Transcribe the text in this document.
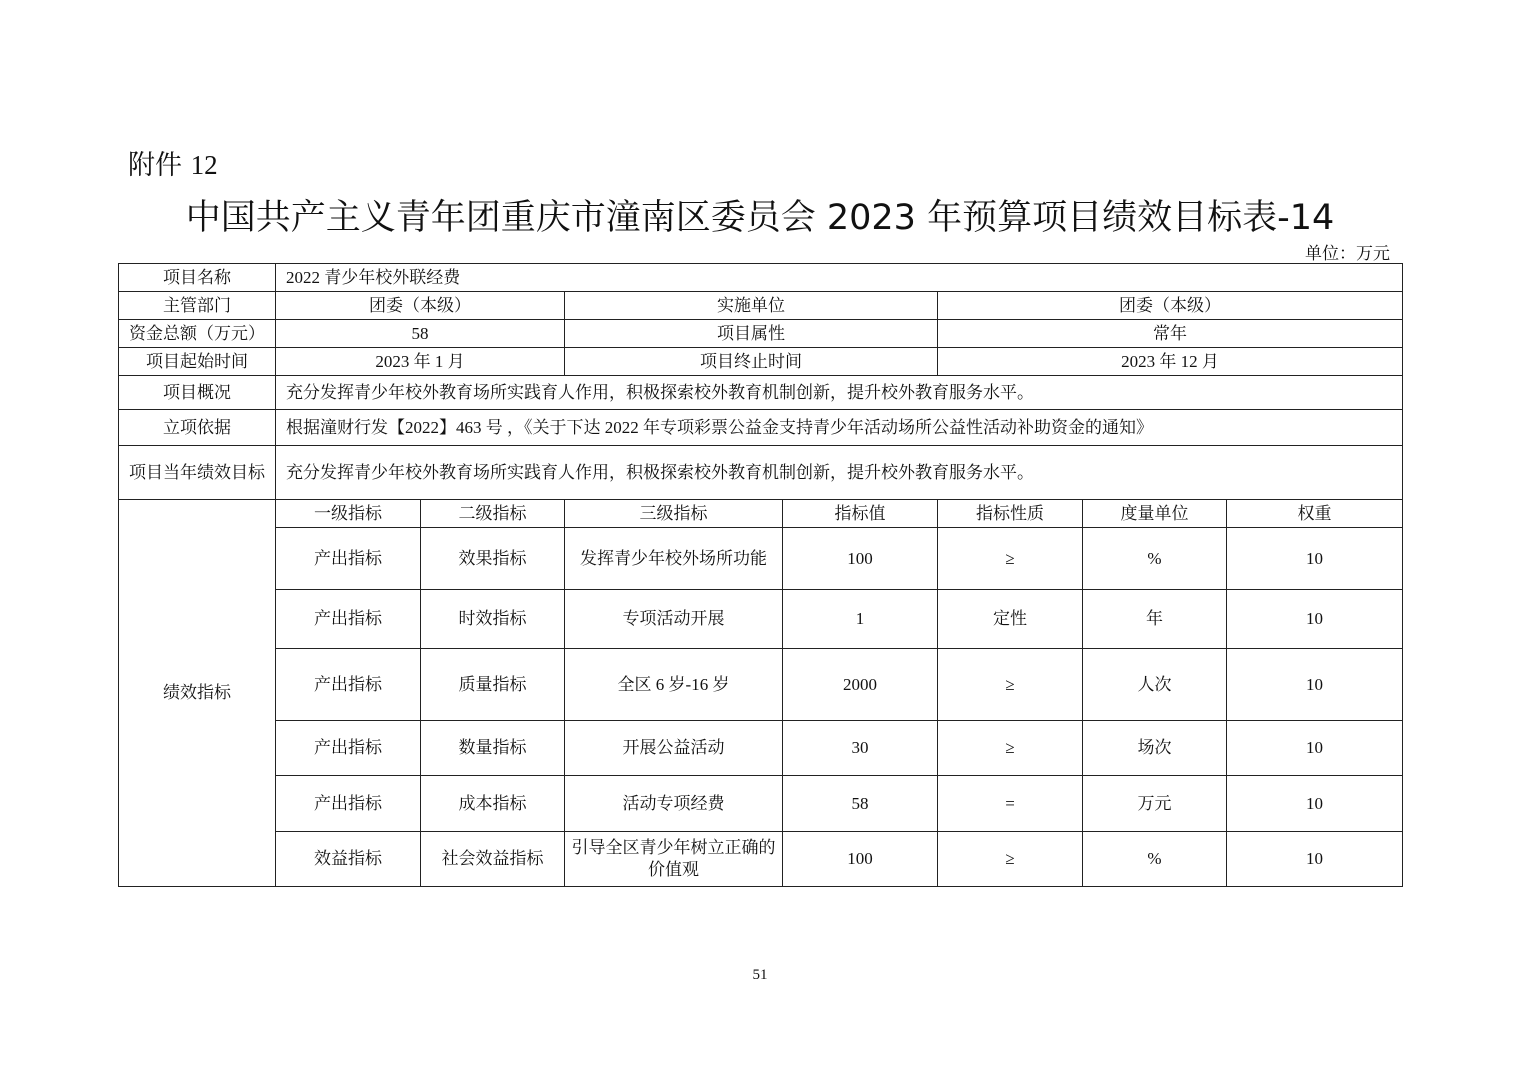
附件 12
中国共产主义青年团重庆市潼南区委员会 2023 年预算项目绩效目标表-14
单位：万元
项目名称	2022 青少年校外联经费						
主管部门	团委（本级）		实施单位		团委（本级）		
资金总额（万元）	58		项目属性		常年		
项目起始时间	2023 年 1 月		项目终止时间		2023 年 12 月		
项目概况	充分发挥青少年校外教育场所实践育人作用，积极探索校外教育机制创新，提升校外教育服务水平。						
立项依据	根据潼财行发【2022】463 号 ，《关于下达 2022 年专项彩票公益金支持青少年活动场所公益性活动补助资金的通知》						
项目当年绩效目标	充分发挥青少年校外教育场所实践育人作用，积极探索校外教育机制创新，提升校外教育服务水平。						
绩效指标	一级指标	二级指标	三级指标	指标值	指标性质	度量单位	权重
	产出指标	效果指标	发挥青少年校外场所功能	100	≥	%	10
	产出指标	时效指标	专项活动开展	1	定性	年	10
	产出指标	质量指标	全区 6 岁-16 岁	2000	≥	人次	10
	产出指标	数量指标	开展公益活动	30	≥	场次	10
	产出指标	成本指标	活动专项经费	58	=	万元	10
	效益指标	社会效益指标	引导全区青少年树立正确的价值观	100	≥	%	10
51
